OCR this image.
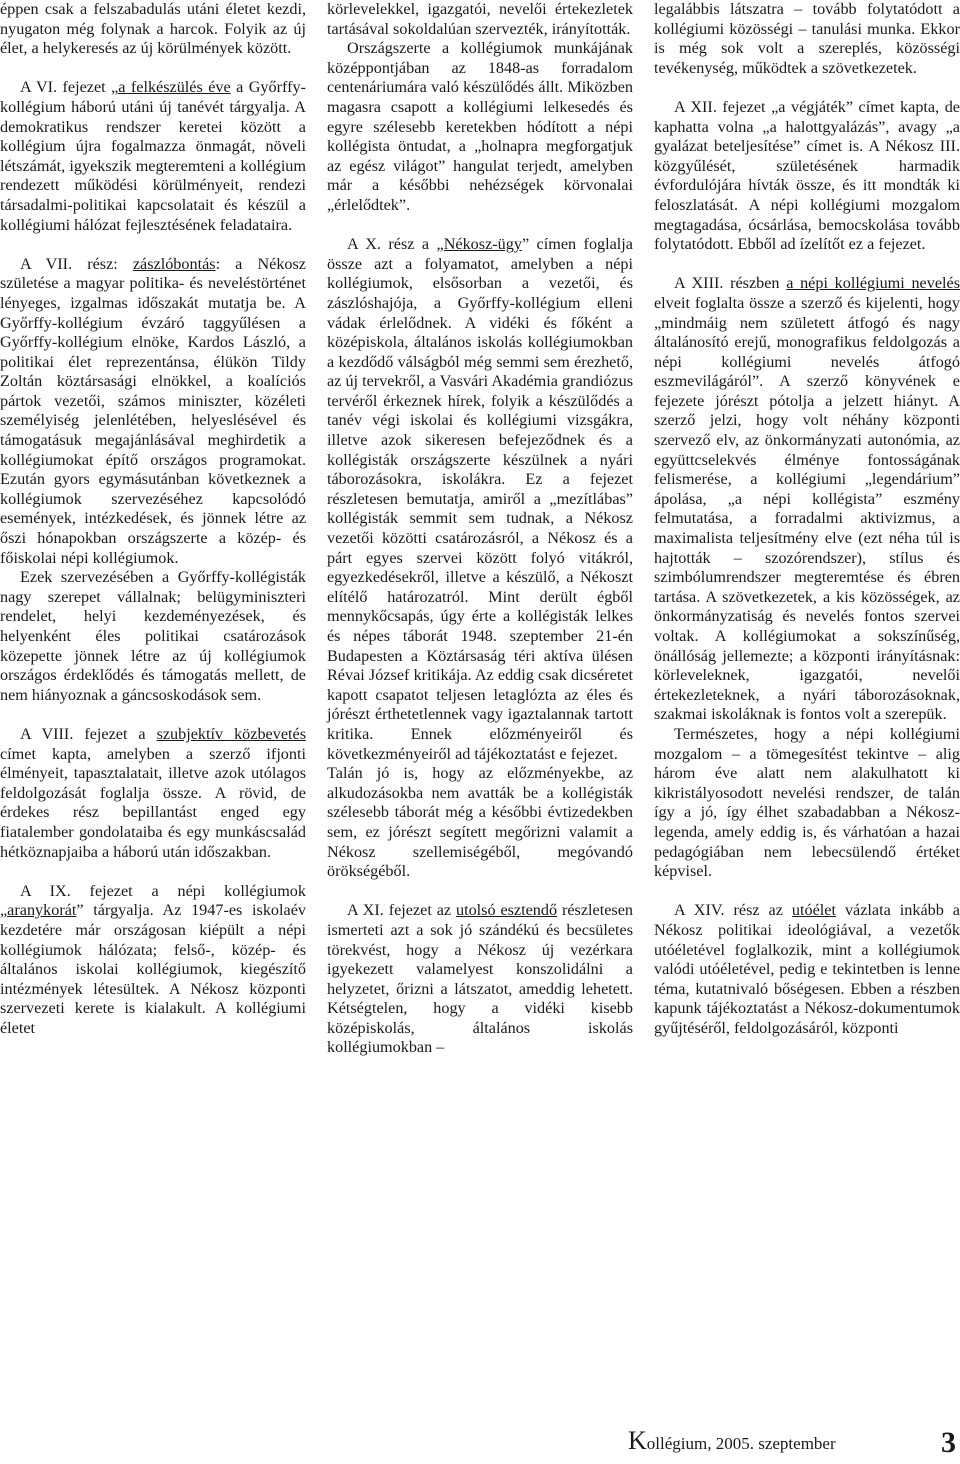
éppen csak a felszabadulás utáni életet kezdi, nyugaton még folynak a harcok. Folyik az új élet, a helykeresés az új körülmények között.

A VI. fejezet „a felkészülés éve a Győrffy-kollégium háború utáni új tanévét tárgyalja. A demokratikus rendszer keretei között a kollégium újra fogalmazza önmagát, növeli létszámát, igyekszik megteremteni a kollégium rendezett működési körülményeit, rendezi társadalmi-politikai kapcsolatait és készül a kollégiumi hálózat fejlesztésének feladataira.

A VII. rész: zászlóbontás: a Nékosz születése a magyar politika- és neveléstörténet lényeges, izgalmas időszakát mutatja be. A Győrffy-kollégium évzáró taggyűlésen a Győrffy-kollégium elnöke, Kardos László, a politikai élet reprezentánsa, élükön Tildy Zoltán köztársasági elnökkel, a koalíciós pártok vezetői, számos miniszter, közéleti személyiség jelenlétében, helyeslésével és támogatásuk megajánlásával meghirdetik a kollégiumokat építő országos programokat. Ezután gyors egymásutánban következnek a kollégiumok szervezéséhez kapcsolódó események, intézkedések, és jönnek létre az őszi hónapokban országszerte a közép- és főiskolai népi kollégiumok.

Ezek szervezésében a Győrffy-kollégisták nagy szerepet vállalnak; belügyminiszteri rendelet, helyi kezdeményezések, és helyenként éles politikai csatározások közepette jönnek létre az új kollégiumok országos érdeklődés és támogatás mellett, de nem hiányoznak a gáncsoskodások sem.

A VIII. fejezet a szubjektív közbevetés címet kapta, amelyben a szerző ifjonti élményeit, tapasztalatait, illetve azok utólagos feldolgozását foglalja össze. A rövid, de érdekes rész bepillantást enged egy fiatalember gondolataiba és egy munkáscsalád hétköznapjaiba a háború után időszakban.

A IX. fejezet a népi kollégiumok „aranykorát” tárgyalja. Az 1947-es iskolaév kezdetére már országosan kiépült a népi kollégiumok hálózata; felső-, közép- és általános iskolai kollégiumok, kiegészítő intézmények létesültek. A Nékosz központi szervezeti kerete is kialakult. A kollégiumi életet

körlevelekkel, igazgatói, nevelői értekezletek tartásával sokoldalúan szervezték, irányították.

Országszerte a kollégiumok munkájának középpontjában az 1848-as forradalom centenáriumára való készülődés állt. Miközben magasra csapott a kollégiumi lelkesedés és egyre szélesebb keretekben hódított a népi kollégista öntudat, a „holnapra megforgatjuk az egész világot” hangulat terjedt, amelyben már a későbbi nehézségek körvonalai „érlelődtek”.

A X. rész a „Nékosz-ügy” címen foglalja össze azt a folyamatot, amelyben a népi kollégiumok, elsősorban a vezetői, és zászlóshajója, a Győrffy-kollégium elleni vádak érlelődnek. A vidéki és főként a középiskola, általános iskolás kollégiumokban a kezdődő válságból még semmi sem érezhető, az új tervekről, a Vasvári Akadémia grandiózus tervéről érkeznek hírek, folyik a készülődés a tanév végi iskolai és kollégiumi vizsgákra, illetve azok sikeresen befejeződnek és a kollégisták országszerte készülnek a nyári táborozásokra, iskolákra. Ez a fejezet részletesen bemutatja, amiről a „mezítlábas” kollégisták semmit sem tudnak, a Nékosz vezetői közötti csatározásról, a Nékosz és a párt egyes szervei között folyó vitákról, egyezkedésekről, illetve a készülő, a Nékoszt elítélő határozatról. Mint derült égből mennykőcsapás, úgy érte a kollégisták lelkes és népes táborát 1948. szeptember 21-én Budapesten a Köztársaság téri aktíva ülésen Révai József kritikája. Az eddig csak dicséretet kapott csapatot teljesen letaglózta az éles és jórészt érthetetlennek vagy igaztalannak tartott kritika. Ennek előzményeiről és következményeiről ad tájékoztatást e fejezet.

Talán jó is, hogy az előzményekbe, az alkudozásokba nem avatták be a kollégisták szélesebb táborát még a későbbi évtizedekben sem, ez jórészt segített megőrizni valamit a Nékosz szellemiségéből, megóvandó örökségéből.

A XI. fejezet az utolsó esztendő részletesen ismerteti azt a sok jó szándékú és becsületes törekvést, hogy a Nékosz új vezérkara igyekezett valamelyest konszolidálni a helyzetet, őrizni a látszatot, ameddig lehetett. Kétségtelen, hogy a vidéki kisebb középiskolás, általános iskolás kollégiumokban –

legalábbis látszatra – tovább folytatódott a kollégiumi közösségi – tanulási munka. Ekkor is még sok volt a szereplés, közösségi tevékenység, működtek a szövetkezetek.

A XII. fejezet „a végjáték” címet kapta, de kaphatta volna „a halottgyalázás”, avagy „a gyalázat beteljesítése” címet is. A Nékosz III. közgyűlését, születésének harmadik évfordulójára hívták össze, és itt mondták ki feloszlatását. A népi kollégiumi mozgalom megtagadása, ócsárlása, bemocskolása tovább folytatódott. Ebből ad ízelítőt ez a fejezet.

A XIII. részben a népi kollégiumi nevelés elveit foglalta össze a szerző és kijelenti, hogy „mindmáig nem született átfogó és nagy általánosító erejű, monografikus feldolgozás a népi kollégiumi nevelés átfogó eszmevilágáról”. A szerző könyvének e fejezete jórészt pótolja a jelzett hiányt. A szerző jelzi, hogy volt néhány központi szervező elv, az önkormányzati autonómia, az együttcselekvés élménye fontosságának felismerése, a kollégiumi „legendárium” ápolása, „a népi kollégista” eszmény felmutatása, a forradalmi aktivizmus, a maximalista teljesítmény elve (ezt néha túl is hajtották – szozórendszer), stílus és szimbólumrendszer megteremtése és ébren tartása. A szövetkezetek, a kis közösségek, az önkormányzatiság és nevelés fontos szervei voltak. A kollégiumokat a sokszínűség, önállóság jellemezte; a központi irányításnak: körleveleknek, igazgatói, nevelői értekezleteknek, a nyári táborozásoknak, szakmai iskoláknak is fontos volt a szerepük.

Természetes, hogy a népi kollégiumi mozgalom – a tömegesítést tekintve – alig három éve alatt nem alakulhatott ki kikristályosodott nevelési rendszer, de talán így a jó, így élhet szabadabban a Nékosz-legenda, amely eddig is, és várhatóan a hazai pedagógiában nem lebecsülendő értéket képvisel.

A XIV. rész az utóélet vázlata inkább a Nékosz politikai ideológiával, a vezetők utóéletével foglalkozik, mint a kollégiumok valódi utóéletével, pedig e tekintetben is lenne téma, kutatnivaló bőségesen. Ebben a részben kapunk tájékoztatást a Nékosz-dokumentumok gyűjtéséről, feldolgozásáról, központi

Kollégium, 2005. szeptember	3
